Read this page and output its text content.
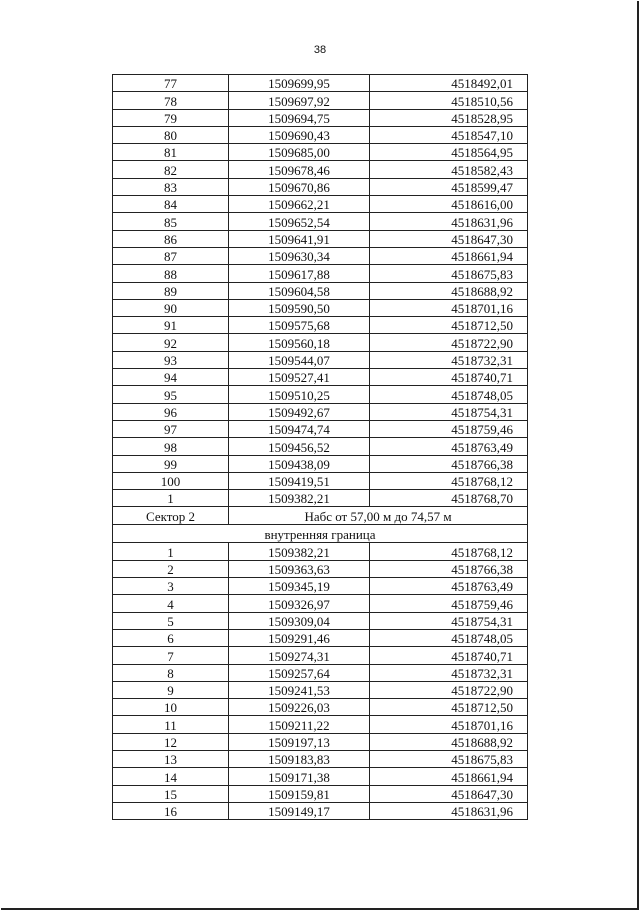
38
77	1509699,95	4518492,01
78	1509697,92	4518510,56
79	1509694,75	4518528,95
80	1509690,43	4518547,10
81	1509685,00	4518564,95
82	1509678,46	4518582,43
83	1509670,86	4518599,47
84	1509662,21	4518616,00
85	1509652,54	4518631,96
86	1509641,91	4518647,30
87	1509630,34	4518661,94
88	1509617,88	4518675,83
89	1509604,58	4518688,92
90	1509590,50	4518701,16
91	1509575,68	4518712,50
92	1509560,18	4518722,90
93	1509544,07	4518732,31
94	1509527,41	4518740,71
95	1509510,25	4518748,05
96	1509492,67	4518754,31
97	1509474,74	4518759,46
98	1509456,52	4518763,49
99	1509438,09	4518766,38
100	1509419,51	4518768,12
1	1509382,21	4518768,70
Сектор 2	Набс от 57,00 м до 74,57 м	
внутренняя граница		
1	1509382,21	4518768,12
2	1509363,63	4518766,38
3	1509345,19	4518763,49
4	1509326,97	4518759,46
5	1509309,04	4518754,31
6	1509291,46	4518748,05
7	1509274,31	4518740,71
8	1509257,64	4518732,31
9	1509241,53	4518722,90
10	1509226,03	4518712,50
11	1509211,22	4518701,16
12	1509197,13	4518688,92
13	1509183,83	4518675,83
14	1509171,38	4518661,94
15	1509159,81	4518647,30
16	1509149,17	4518631,96
